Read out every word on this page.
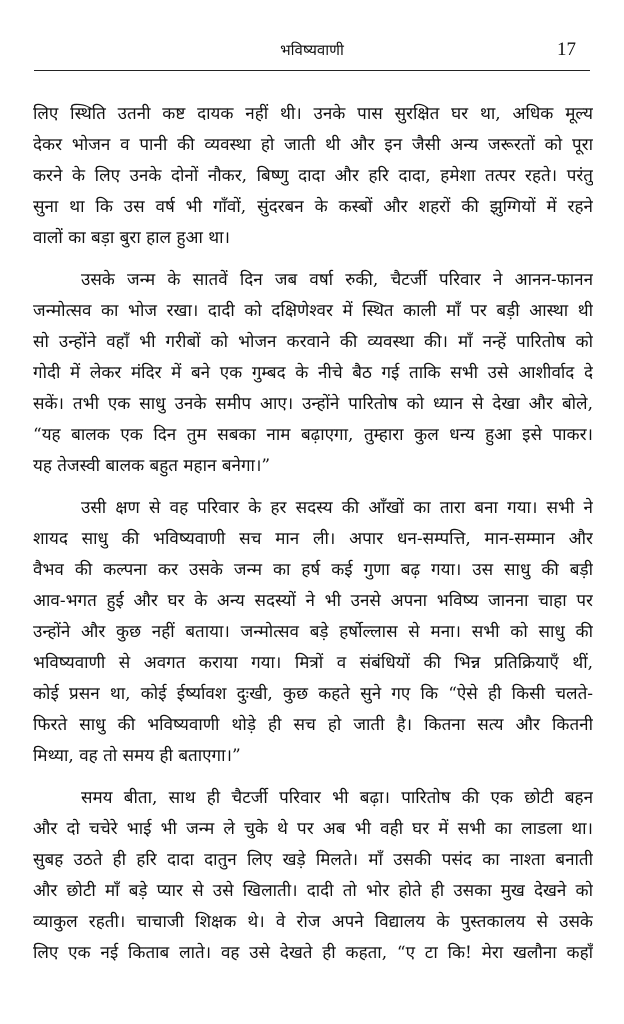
भविष्यवाणी	17

लिए स्थिति उतनी कष्ट दायक नहीं थी। उनके पास सुरक्षित घर था, अधिक मूल्य
देकर भोजन व पानी की व्यवस्था हो जाती थी और इन जैसी अन्य जरूरतों को पूरा
करने के लिए उनके दोनों नौकर, बिष्णु दादा और हरि दादा, हमेशा तत्पर रहते। परंतु
सुना था कि उस वर्ष भी गाँवों, सुंदरबन के कस्बों और शहरों की झुग्गियों में रहने
वालों का बड़ा बुरा हाल हुआ था।

उसके जन्म के सातवें दिन जब वर्षा रुकी, चैटर्जी परिवार ने आनन-फानन
जन्मोत्सव का भोज रखा। दादी को दक्षिणेश्वर में स्थित काली माँ पर बड़ी आस्था थी
सो उन्होंने वहाँ भी गरीबों को भोजन करवाने की व्यवस्था की। माँ नन्हें पारितोष को
गोदी में लेकर मंदिर में बने एक गुम्बद के नीचे बैठ गई ताकि सभी उसे आशीर्वाद दे
सकें। तभी एक साधु उनके समीप आए। उन्होंने पारितोष को ध्यान से देखा और बोले,
“यह बालक एक दिन तुम सबका नाम बढ़ाएगा, तुम्हारा कुल धन्य हुआ इसे पाकर।
यह तेजस्वी बालक बहुत महान बनेगा।”

उसी क्षण से वह परिवार के हर सदस्य की आँखों का तारा बना गया। सभी ने
शायद साधु की भविष्यवाणी सच मान ली। अपार धन-सम्पत्ति, मान-सम्मान और
वैभव की कल्पना कर उसके जन्म का हर्ष कई गुणा बढ़ गया। उस साधु की बड़ी
आव-भगत हुई और घर के अन्य सदस्यों ने भी उनसे अपना भविष्य जानना चाहा पर
उन्होंने और कुछ नहीं बताया। जन्मोत्सव बड़े हर्षोल्लास से मना। सभी को साधु की
भविष्यवाणी से अवगत कराया गया। मित्रों व संबंधियों की भिन्न प्रतिक्रियाएँ थीं,
कोई प्रसन था, कोई ईर्ष्यावश दुःखी, कुछ कहते सुने गए कि “ऐसे ही किसी चलते-
फिरते साधु की भविष्यवाणी थोड़े ही सच हो जाती है। कितना सत्य और कितनी
मिथ्या, वह तो समय ही बताएगा।”

समय बीता, साथ ही चैटर्जी परिवार भी बढ़ा। पारितोष की एक छोटी बहन
और दो चचेरे भाई भी जन्म ले चुके थे पर अब भी वही घर में सभी का लाडला था।
सुबह उठते ही हरि दादा दातुन लिए खड़े मिलते। माँ उसकी पसंद का नाश्ता बनाती
और छोटी माँ बड़े प्यार से उसे खिलाती। दादी तो भोर होते ही उसका मुख देखने को
व्याकुल रहती। चाचाजी शिक्षक थे। वे रोज अपने विद्यालय के पुस्तकालय से उसके
लिए एक नई किताब लाते। वह उसे देखते ही कहता, “ए टा कि! मेरा खलौना कहाँ
